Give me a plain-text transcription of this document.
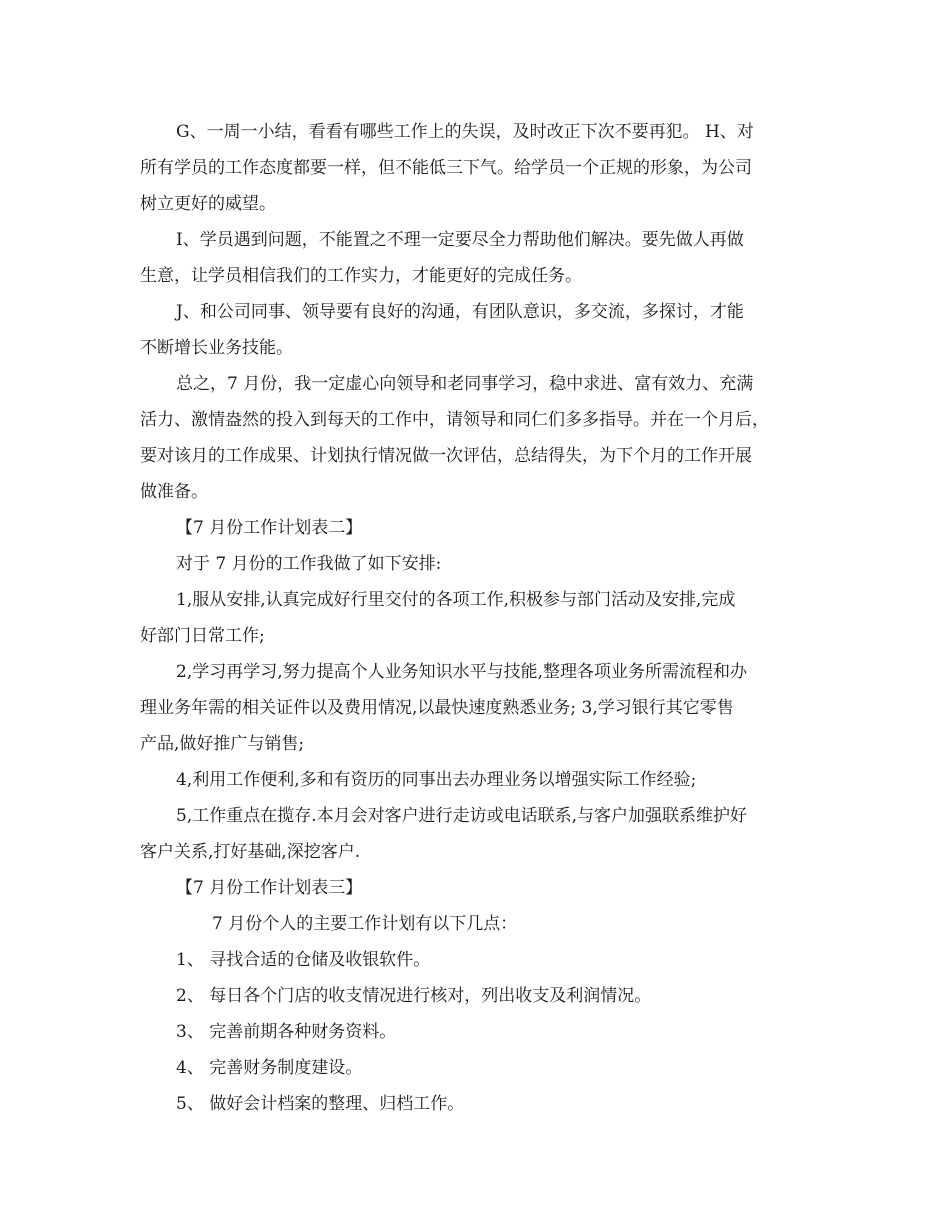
G、一周一小结，看看有哪些工作上的失误，及时改正下次不要再犯。 H、对
所有学员的工作态度都要一样，但不能低三下气。给学员一个正规的形象，为公司
树立更好的威望。
I、学员遇到问题，不能置之不理一定要尽全力帮助他们解决。要先做人再做
生意，让学员相信我们的工作实力，才能更好的完成任务。
J、和公司同事、领导要有良好的沟通，有团队意识，多交流，多探讨，才能
不断增长业务技能。
总之，7 月份，我一定虚心向领导和老同事学习，稳中求进、富有效力、充满
活力、激情盎然的投入到每天的工作中，请领导和同仁们多多指导。并在一个月后，
要对该月的工作成果、计划执行情况做一次评估，总结得失，为下个月的工作开展
做准备。
【7 月份工作计划表二】
对于 7 月份的工作我做了如下安排:
1,服从安排,认真完成好行里交付的各项工作,积极参与部门活动及安排,完成
好部门日常工作;
2,学习再学习,努力提高个人业务知识水平与技能,整理各项业务所需流程和办
理业务年需的相关证件以及费用情况,以最快速度熟悉业务; 3,学习银行其它零售
产品,做好推广与销售;
4,利用工作便利,多和有资历的同事出去办理业务以增强实际工作经验;
5,工作重点在揽存.本月会对客户进行走访或电话联系,与客户加强联系维护好
客户关系,打好基础,深挖客户.
【7 月份工作计划表三】
7 月份个人的主要工作计划有以下几点：
1、 寻找合适的仓储及收银软件。
2、 每日各个门店的收支情况进行核对，列出收支及利润情况。
3、 完善前期各种财务资料。
4、 完善财务制度建设。
5、 做好会计档案的整理、归档工作。
